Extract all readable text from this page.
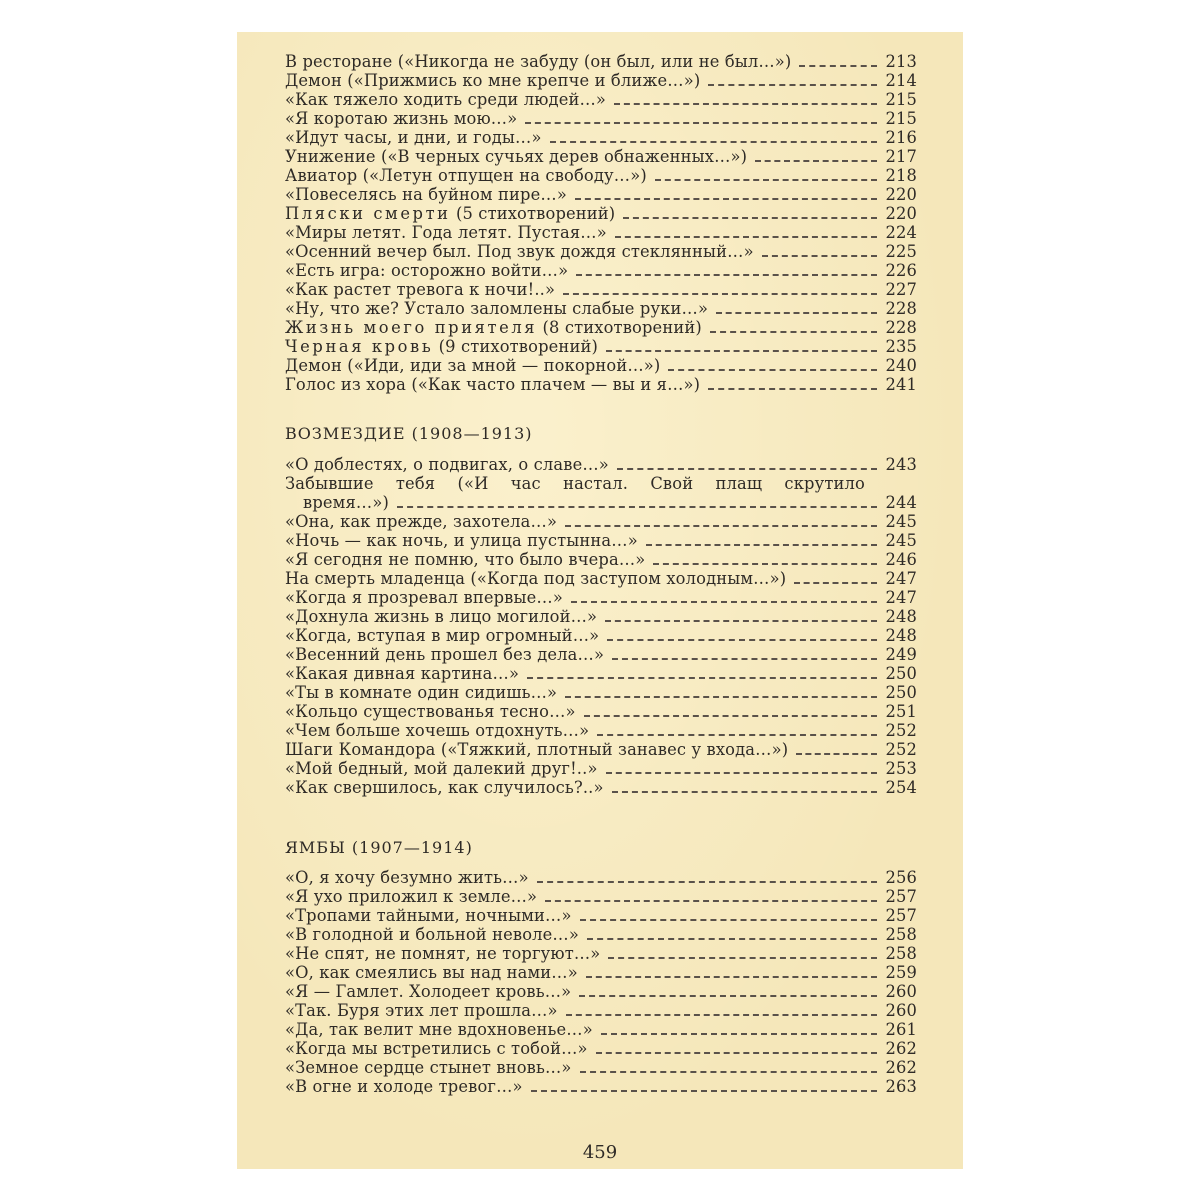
В ресторане («Никогда не забуду (он был, или не был…»)	213
Демон («Прижмись ко мне крепче и ближе…»)	214
«Как тяжело ходить среди людей…»	215
«Я коротаю жизнь мою…»	215
«Идут часы, и дни, и годы…»	216
Унижение («В черных сучьях дерев обнаженных…»)	217
Авиатор («Летун отпущен на свободу…»)	218
«Повеселясь на буйном пире…»	220
Пляски смерти (5 стихотворений)	220
«Миры летят. Года летят. Пустая…»	224
«Осенний вечер был. Под звук дождя стеклянный…»	225
«Есть игра: осторожно войти…»	226
«Как растет тревога к ночи!..»	227
«Ну, что же? Устало заломлены слабые руки…»	228
Жизнь моего приятеля (8 стихотворений)	228
Черная кровь (9 стихотворений)	235
Демон («Иди, иди за мной — покорной…»)	240
Голос из хора («Как часто плачем — вы и я…»)	241
ВОЗМЕЗДИЕ (1908—1913)
«О доблестях, о подвигах, о славе…»	243
Забывшие тебя («И час настал. Свой плащ скрутило
время…»)	244
«Она, как прежде, захотела…»	245
«Ночь — как ночь, и улица пустынна…»	245
«Я сегодня не помню, что было вчера…»	246
На смерть младенца («Когда под заступом холодным…»)	247
«Когда я прозревал впервые…»	247
«Дохнула жизнь в лицо могилой…»	248
«Когда, вступая в мир огромный…»	248
«Весенний день прошел без дела…»	249
«Какая дивная картина…»	250
«Ты в комнате один сидишь…»	250
«Кольцо существованья тесно…»	251
«Чем больше хочешь отдохнуть…»	252
Шаги Командора («Тяжкий, плотный занавес у входа…»)	252
«Мой бедный, мой далекий друг!..»	253
«Как свершилось, как случилось?..»	254
ЯМБЫ (1907—1914)
«О, я хочу безумно жить…»	256
«Я ухо приложил к земле…»	257
«Тропами тайными, ночными…»	257
«В голодной и больной неволе…»	258
«Не спят, не помнят, не торгуют…»	258
«О, как смеялись вы над нами…»	259
«Я — Гамлет. Холодеет кровь…»	260
«Так. Буря этих лет прошла…»	260
«Да, так велит мне вдохновенье…»	261
«Когда мы встретились с тобой…»	262
«Земное сердце стынет вновь…»	262
«В огне и холоде тревог…»	263
459
